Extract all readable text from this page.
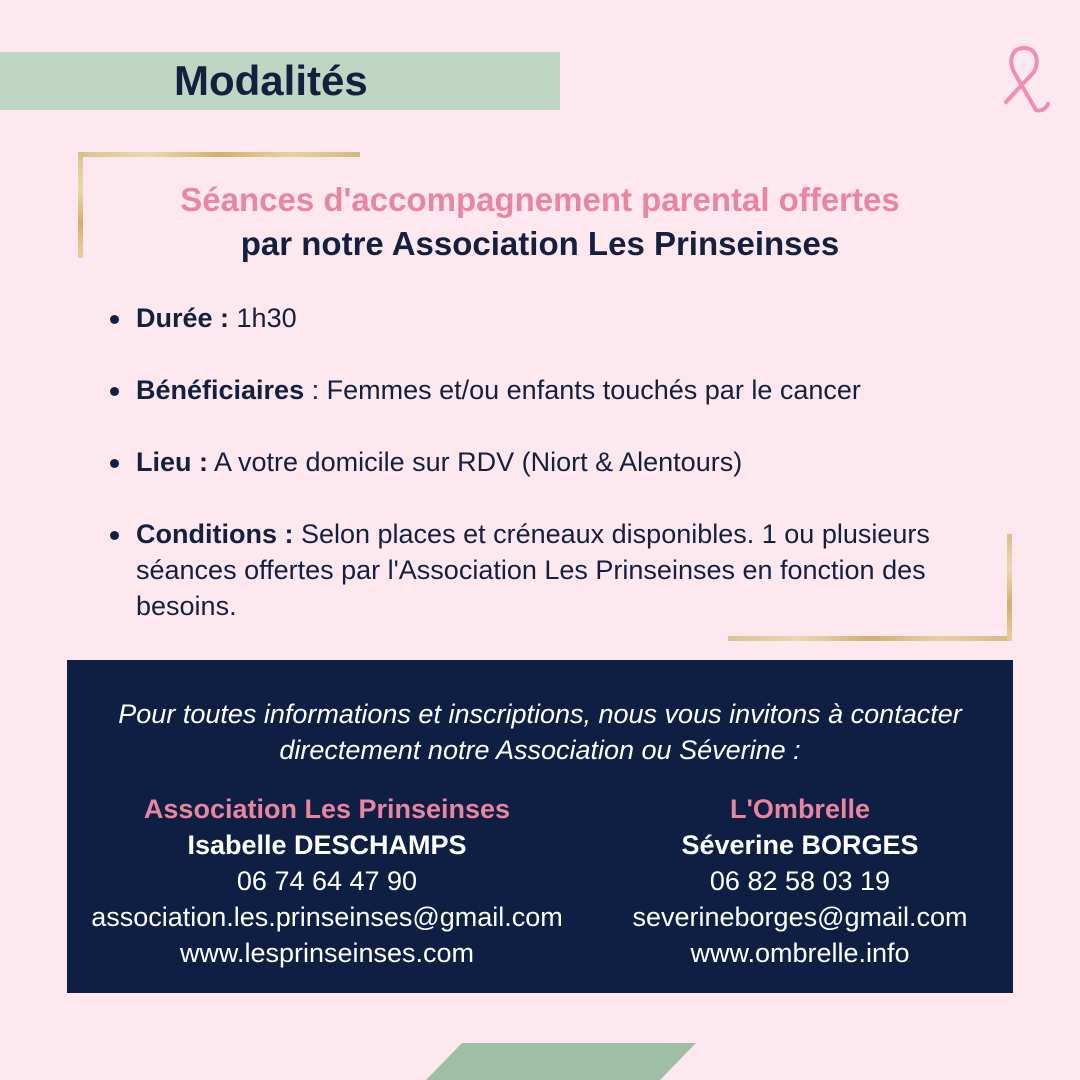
Modalités
Séances d'accompagnement parental offertes
par notre Association Les Prinseinses
Durée : 1h30
Bénéficiaires : Femmes et/ou enfants touchés par le cancer
Lieu : A votre domicile sur RDV (Niort & Alentours)
Conditions : Selon places et créneaux disponibles. 1 ou plusieurs séances offertes par l'Association Les Prinseinses en fonction des besoins.
Pour toutes informations et inscriptions, nous vous invitons à contacter
directement notre Association ou Séverine :
Association Les Prinseinses
Isabelle DESCHAMPS
06 74 64 47 90
association.les.prinseinses@gmail.com
www.lesprinseinses.com
L'Ombrelle
Séverine BORGES
06 82 58 03 19
severineborges@gmail.com
www.ombrelle.info
